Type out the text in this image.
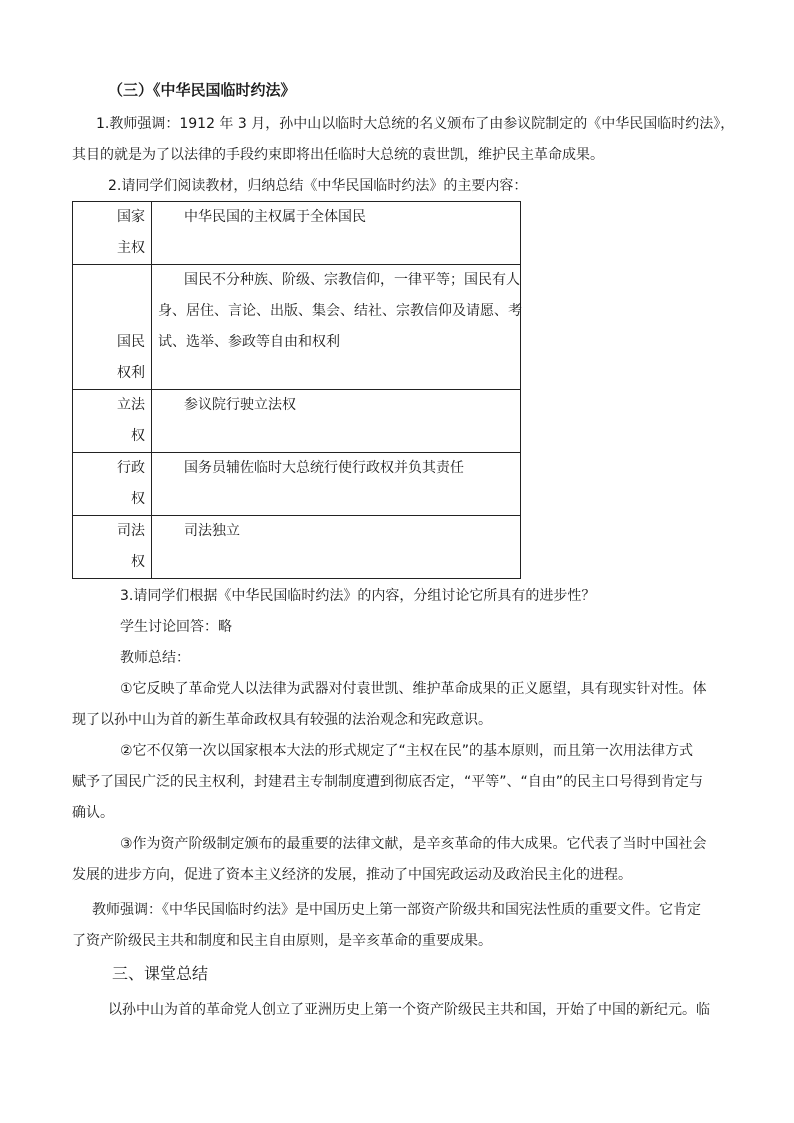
（三）《中华民国临时约法》
1.教师强调：1912 年 3 月，孙中山以临时大总统的名义颁布了由参议院制定的《中华民国临时约法》，
其目的就是为了以法律的手段约束即将出任临时大总统的袁世凯，维护民主革命成果。
2.请同学们阅读教材，归纳总结《中华民国临时约法》的主要内容：
国家
主权	中华民国的主权属于全体国民

国民
权利	国民不分种族、阶级、宗教信仰，一律平等；国民有人
身、居住、言论、出版、集会、结社、宗教信仰及请愿、考
试、选举、参政等自由和权利

立法
权	参议院行驶立法权

行政
权	国务员辅佐临时大总统行使行政权并负其责任

司法
权	司法独立
3.请同学们根据《中华民国临时约法》的内容，分组讨论它所具有的进步性？
学生讨论回答：略
教师总结：
①它反映了革命党人以法律为武器对付袁世凯、维护革命成果的正义愿望，具有现实针对性。体
现了以孙中山为首的新生革命政权具有较强的法治观念和宪政意识。
②它不仅第一次以国家根本大法的形式规定了“主权在民”的基本原则，而且第一次用法律方式
赋予了国民广泛的民主权利，封建君主专制制度遭到彻底否定，“平等”、“自由”的民主口号得到肯定与
确认。
③作为资产阶级制定颁布的最重要的法律文献，是辛亥革命的伟大成果。它代表了当时中国社会
发展的进步方向，促进了资本主义经济的发展，推动了中国宪政运动及政治民主化的进程。
教师强调：《中华民国临时约法》是中国历史上第一部资产阶级共和国宪法性质的重要文件。它肯定
了资产阶级民主共和制度和民主自由原则，是辛亥革命的重要成果。
三、课堂总结
以孙中山为首的革命党人创立了亚洲历史上第一个资产阶级民主共和国，开始了中国的新纪元。临
